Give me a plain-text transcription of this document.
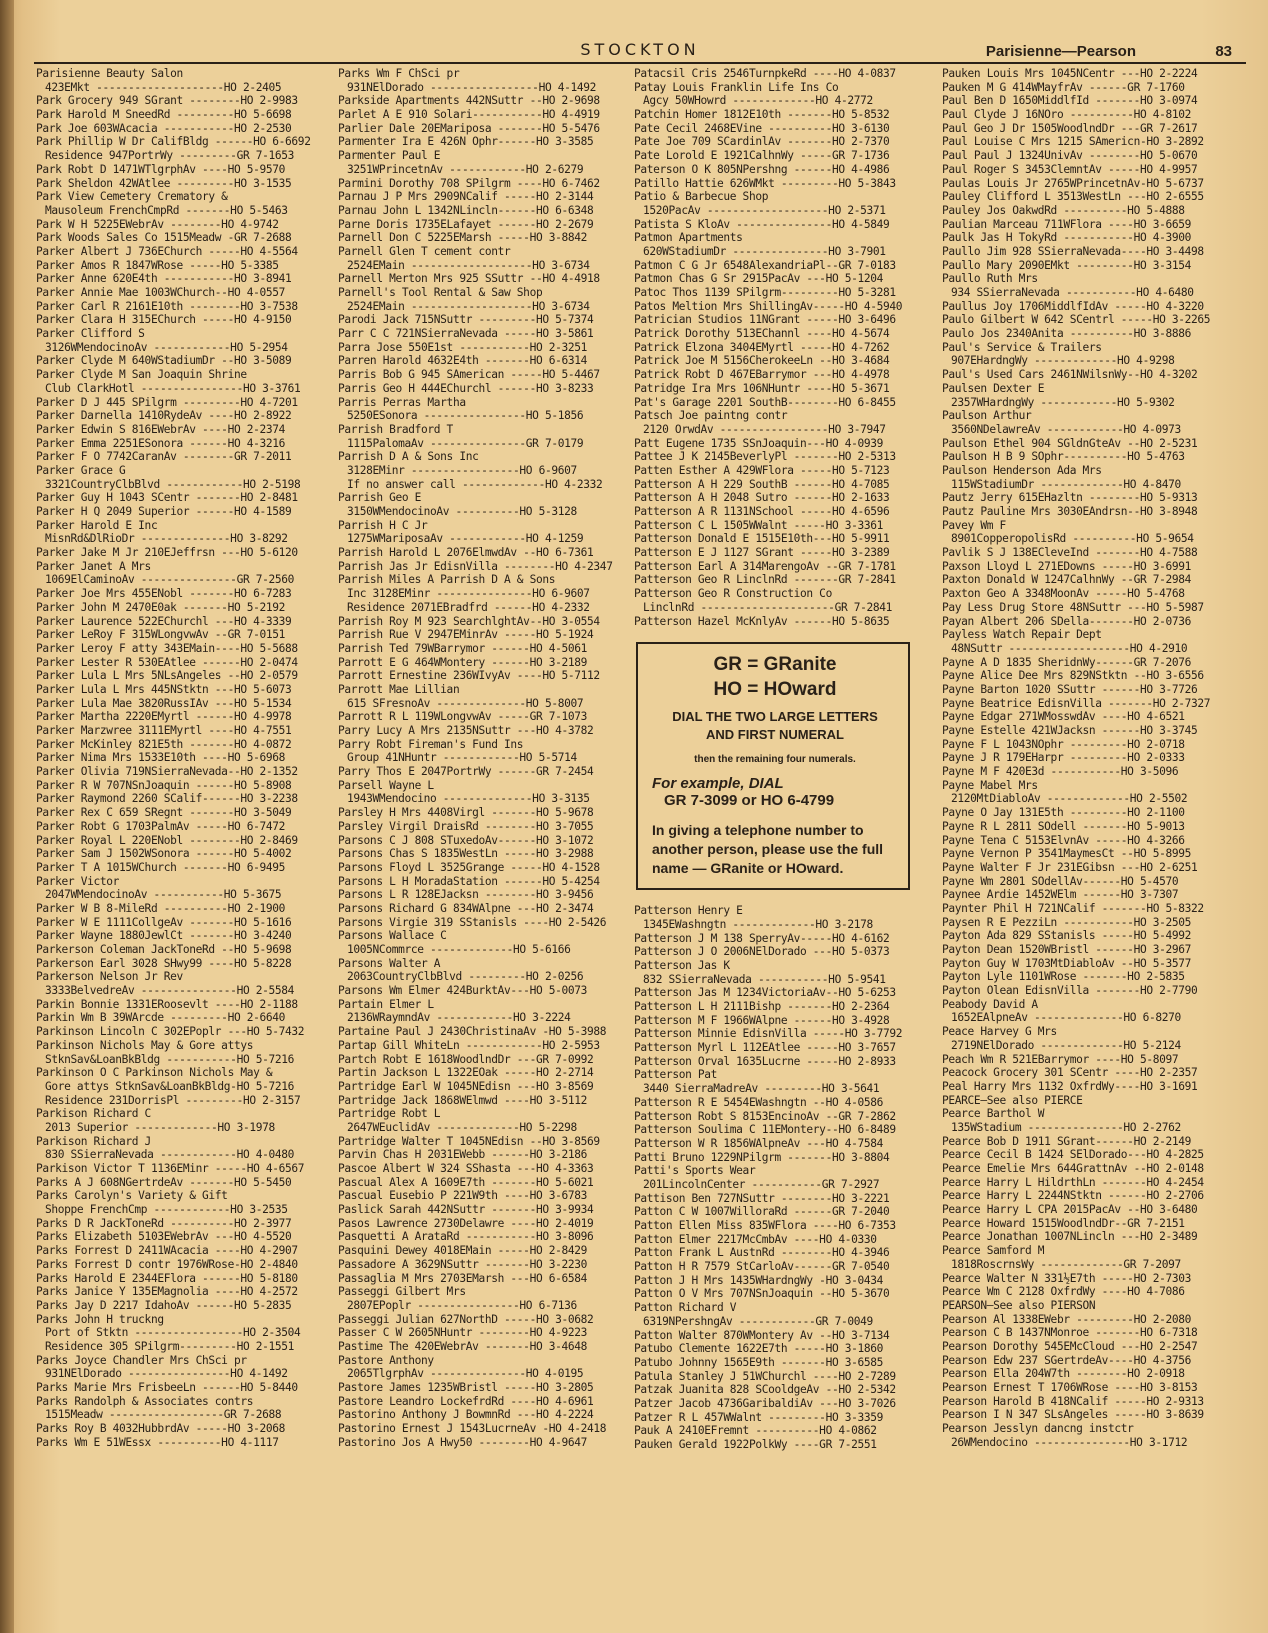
STOCKTON	Parisienne—Pearson	83
Parisienne Beauty Salon
423EMkt --------------------HO 2-2405
Park Grocery 949 SGrant --------HO 2-9983
Park Harold M SneedRd ---------HO 5-6698
Park Joe 603WAcacia -----------HO 2-2530
Park Phillip W Dr CalifBldg ------HO 6-6692
Residence 947PortrWy ---------GR 7-1653
Park Robt D 1471WTlgrphAv ----HO 5-9570
Park Sheldon 42WAtlee ---------HO 3-1535
Park View Cemetery Crematory &
Mausoleum FrenchCmpRd -------HO 5-5463
Park W H 5225EWebrAv --------HO 4-9742
Park Woods Sales Co 1515Meadw -GR 7-2688
Parker Albert J 736EChurch -----HO 4-5564
Parker Amos R 1847WRose -----HO 5-3385
Parker Anne 620E4th -----------HO 3-8941
Parker Annie Mae 1003WChurch--HO 4-0557
Parker Carl R 2161E10th --------HO 3-7538
Parker Clara H 315EChurch -----HO 4-9150
Parker Clifford S
3126WMendocinoAv ------------HO 5-2954
Parker Clyde M 640WStadiumDr --HO 3-5089
Parker Clyde M San Joaquin Shrine
Club ClarkHotl ----------------HO 3-3761
Parker D J 445 SPilgrm ---------HO 4-7201
Parker Darnella 1410RydeAv ----HO 2-8922
Parker Edwin S 816EWebrAv ----HO 2-2374
Parker Emma 2251ESonora ------HO 4-3216
Parker F O 7742CaranAv --------GR 7-2011
Parker Grace G
3321CountryClbBlvd ------------HO 2-5198
Parker Guy H 1043 SCentr -------HO 2-8481
Parker H Q 2049 Superior ------HO 4-1589
Parker Harold E Inc
MisnRd&DlRioDr --------------HO 3-8292
Parker Jake M Jr 210EJeffrsn ---HO 5-6120
Parker Janet A Mrs
1069ElCaminoAv ---------------GR 7-2560
Parker Joe Mrs 455ENobl -------HO 6-7283
Parker John M 2470E0ak -------HO 5-2192
Parker Laurence 522EChurchl ---HO 4-3339
Parker LeRoy F 315WLongvwAv --GR 7-0151
Parker Leroy F atty 343EMain----HO 5-5688
Parker Lester R 530EAtlee ------HO 2-0474
Parker Lula L Mrs 5NLsAngeles --HO 2-0579
Parker Lula L Mrs 445NStktn ---HO 5-6073
Parker Lula Mae 3820RussIAv ---HO 5-1534
Parker Martha 2220EMyrtl ------HO 4-9978
Parker Marzwree 3111EMyrtl ----HO 4-7551
Parker McKinley 821E5th -------HO 4-0872
Parker Nima Mrs 1533E10th ----HO 5-6968
Parker Olivia 719NSierraNevada--HO 2-1352
Parker R W 707NSnJoaquin ------HO 5-8908
Parker Raymond 2260 SCalif------HO 3-2238
Parker Rex C 659 SRegnt -------HO 3-5049
Parker Robt G 1703PalmAv -----HO 6-7472
Parker Royal L 220ENobl --------HO 2-8469
Parker Sam J 1502WSonora ------HO 5-4002
Parker T A 1015WChurch -------HO 6-9495
Parker Victor
2047WMendocinoAv -----------HO 5-3675
Parker W B 8-MileRd ----------HO 2-1900
Parker W E 1111CollgeAv -------HO 5-1616
Parker Wayne 1880JewlCt -------HO 3-4240
Parkerson Coleman JackToneRd --HO 5-9698
Parkerson Earl 3028 SHwy99 ----HO 5-8228
Parkerson Nelson Jr Rev
3333BelvedreAv ---------------HO 2-5584
Parkin Bonnie 1331ERoosevlt ----HO 2-1188
Parkin Wm B 39WArcde ---------HO 2-6640
Parkinson Lincoln C 302EPoplr ---HO 5-7432
Parkinson Nichols May & Gore attys
StknSav&LoanBkBldg -----------HO 5-7216
Parkinson O C Parkinson Nichols May &
Gore attys StknSav&LoanBkBldg-HO 5-7216
Residence 231DorrisPl ---------HO 2-3157
Parkison Richard C
2013 Superior -------------HO 3-1978
Parkison Richard J
830 SSierraNevada ------------HO 4-0480
Parkison Victor T 1136EMinr -----HO 4-6567
Parks A J 608NGertrdeAv -------HO 5-5450
Parks Carolyn's Variety & Gift
Shoppe FrenchCmp ------------HO 3-2535
Parks D R JackToneRd ----------HO 2-3977
Parks Elizabeth 5103EWebrAv ---HO 4-5520
Parks Forrest D 2411WAcacia ----HO 4-2907
Parks Forrest D contr 1976WRose-HO 2-4840
Parks Harold E 2344EFlora ------HO 5-8180
Parks Janice Y 135EMagnolia ----HO 4-2572
Parks Jay D 2217 IdahoAv ------HO 5-2835
Parks John H truckng
Port of Stktn -----------------HO 2-3504
Residence 305 SPilgrm---------HO 2-1551
Parks Joyce Chandler Mrs ChSci pr
931NElDorado ----------------HO 4-1492
Parks Marie Mrs FrisbeeLn ------HO 5-8440
Parks Randolph & Associates contrs
1515Meadw ------------------GR 7-2688
Parks Roy B 4032HubbrdAv -----HO 3-2068
Parks Wm E 51WEssx ----------HO 4-1117
Parks Wm F ChSci pr
931NElDorado -----------------HO 4-1492
Parkside Apartments 442NSuttr --HO 2-9698
Parlet A E 910 Solari-----------HO 4-4919
Parlier Dale 20EMariposa -------HO 5-5476
Parmenter Ira E 426N Ophr------HO 3-3585
Parmenter Paul E
3251WPrincetnAv ------------HO 2-6279
Parmini Dorothy 708 SPilgrm ----HO 6-7462
Parnau J P Mrs 2909NCalif -----HO 2-3144
Parnau John L 1342NLincln------HO 6-6348
Parne Doris 1735ELafayet ------HO 2-2679
Parnell Don C 5225EMarsh -----HO 3-8842
Parnell Glen T cement contr
2524EMain -------------------HO 3-6734
Parnell Merton Mrs 925 SSuttr --HO 4-4918
Parnell's Tool Rental & Saw Shop
2524EMain -------------------HO 3-6734
Parodi Jack 715NSuttr ---------HO 5-7374
Parr C C 721NSierraNevada -----HO 3-5861
Parra Jose 550E1st -----------HO 2-3251
Parren Harold 4632E4th -------HO 6-6314
Parris Bob G 945 SAmerican -----HO 5-4467
Parris Geo H 444EChurchl ------HO 3-8233
Parris Perras Martha
5250ESonora ----------------HO 5-1856
Parrish Bradford T
1115PalomaAv ---------------GR 7-0179
Parrish D A & Sons Inc
3128EMinr -----------------HO 6-9607
If no answer call -------------HO 4-2332
Parrish Geo E
3150WMendocinoAv ----------HO 5-3128
Parrish H C Jr
1275WMariposaAv ------------HO 4-1259
Parrish Harold L 2076ElmwdAv --HO 6-7361
Parrish Jas Jr EdisnVilla --------HO 4-2347
Parrish Miles A Parrish D A & Sons
Inc 3128EMinr ---------------HO 6-9607
Residence 2071EBradfrd ------HO 4-2332
Parrish Roy M 923 SearchlghtAv--HO 3-0554
Parrish Rue V 2947EMinrAv -----HO 5-1924
Parrish Ted 79WBarrymor ------HO 4-5061
Parrott E G 464WMontery ------HO 3-2189
Parrott Ernestine 236WIvyAv ----HO 5-7112
Parrott Mae Lillian
615 SFresnoAv --------------HO 5-8007
Parrott R L 119WLongvwAv -----GR 7-1073
Parry Lucy A Mrs 2135NSuttr ---HO 4-3782
Parry Robt Fireman's Fund Ins
Group 41NHuntr ------------HO 5-5714
Parry Thos E 2047PortrWy ------GR 7-2454
Parsell Wayne L
1943WMendocino --------------HO 3-3135
Parsley H Mrs 4408Virgl -------HO 5-9678
Parsley Virgil DraisRd --------HO 3-7055
Parsons C J 808 STuxedoAv------HO 3-1072
Parsons Chas S 1835WestLn -----HO 3-2988
Parsons Floyd L 3525Grange -----HO 4-1528
Parsons L H MoradaStation ------HO 5-4254
Parsons L R 128EJacksn --------HO 3-9456
Parsons Richard G 834WAlpne ---HO 2-3474
Parsons Virgie 319 SStanisls ----HO 2-5426
Parsons Wallace C
1005NCommrce -------------HO 5-6166
Parsons Walter A
2063CountryClbBlvd ---------HO 2-0256
Parsons Wm Elmer 424BurktAv---HO 5-0073
Partain Elmer L
2136WRaymndAv ------------HO 3-2224
Partaine Paul J 2430ChristinaAv -HO 5-3988
Partap Gill WhiteLn ------------HO 2-5953
Partch Robt E 1618WoodlndDr ---GR 7-0992
Partin Jackson L 1322EOak -----HO 2-2714
Partridge Earl W 1045NEdisn ---HO 3-8569
Partridge Jack 1868WElmwd ----HO 3-5112
Partridge Robt L
2647WEuclidAv -------------HO 5-2298
Partridge Walter T 1045NEdisn --HO 3-8569
Parvin Chas H 2031EWebb ------HO 3-2186
Pascoe Albert W 324 SShasta ---HO 4-3363
Pascual Alex A 1609E7th -------HO 5-6021
Pascual Eusebio P 221W9th ----HO 3-6783
Paslick Sarah 442NSuttr -------HO 3-9934
Pasos Lawrence 2730Delawre ----HO 2-4019
Pasquetti A ArataRd -----------HO 3-8096
Pasquini Dewey 4018EMain -----HO 2-8429
Passadore A 3629NSuttr -------HO 3-2230
Passaglia M Mrs 2703EMarsh ---HO 6-6584
Passeggi Gilbert Mrs
2807EPoplr ----------------HO 6-7136
Passeggi Julian 627NorthD -----HO 3-0682
Passer C W 2605NHuntr --------HO 4-9223
Pastime The 420EWebrAv -------HO 3-4648
Pastore Anthony
2065TlgrphAv ---------------HO 4-0195
Pastore James 1235WBristl -----HO 3-2805
Pastore Leandro LockefrdRd ----HO 4-6961
Pastorino Anthony J BowmnRd ---HO 4-2224
Pastorino Ernest J 1543LucrneAv -HO 4-2418
Pastorino Jos A Hwy50 --------HO 4-9647
Patacsil Cris 2546TurnpkeRd ----HO 4-0837
Patay Louis Franklin Life Ins Co
Agcy 50WHowrd -------------HO 4-2772
Patchin Homer 1812E10th -------HO 5-8532
Pate Cecil 2468EVine ----------HO 3-6130
Pate Joe 709 SCardinlAv -------HO 2-7370
Pate Lorold E 1921CalhnWy -----GR 7-1736
Paterson O K 805NPershng ------HO 4-4986
Patillo Hattie 626WMkt ---------HO 5-3843
Patio & Barbecue Shop
1520PacAv -------------------HO 2-5371
Patista S KloAv ---------------HO 4-5849
Patmon Apartments
620WStadiumDr ---------------HO 3-7901
Patmon C G Jr 6548AlexandriaPl--GR 7-0183
Patmon Chas G Sr 2915PacAv ---HO 5-1204
Patoc Thos 1139 SPilgrm---------HO 5-3281
Patos Meltion Mrs ShillingAv-----HO 4-5940
Patrician Studios 11NGrant -----HO 3-6496
Patrick Dorothy 513EChannl ----HO 4-5674
Patrick Elzona 3404EMyrtl -----HO 4-7262
Patrick Joe M 5156CherokeeLn --HO 3-4684
Patrick Robt D 467EBarrymor ---HO 4-4978
Patridge Ira Mrs 106NHuntr ----HO 5-3671
Pat's Garage 2201 SouthB--------HO 6-8455
Patsch Joe paintng contr
2120 OrwdAv -----------------HO 3-7947
Patt Eugene 1735 SSnJoaquin---HO 4-0939
Pattee J K 2145BeverlyPl -------HO 2-5313
Patten Esther A 429WFlora -----HO 5-7123
Patterson A H 229 SouthB ------HO 4-7085
Patterson A H 2048 Sutro ------HO 2-1633
Patterson A R 1131NSchool -----HO 4-6596
Patterson C L 1505WWalnt -----HO 3-3361
Patterson Donald E 1515E10th---HO 5-9911
Patterson E J 1127 SGrant -----HO 3-2389
Patterson Earl A 314MarengoAv --GR 7-1781
Patterson Geo R LinclnRd -------GR 7-2841
Patterson Geo R Construction Co
LinclnRd ---------------------GR 7-2841
Patterson Hazel McKnlyAv ------HO 5-8635
GR = GRanite
HO = HOward
DIAL THE TWO LARGE LETTERS
AND FIRST NUMERAL
then the remaining four numerals.
For example, DIAL
GR 7-3099 or HO 6-4799
In giving a telephone number to another person, please use the full name — GRanite or HOward.
Patterson Henry E
1345EWashngtn -------------HO 3-2178
Patterson J M 138 SperryAv-----HO 4-6162
Patterson J O 2006NElDorado ---HO 5-0373
Patterson Jas K
832 SSierraNevada -----------HO 5-9541
Patterson Jas M 1234VictoriaAv--HO 5-6253
Patterson L H 2111Bishp -------HO 2-2364
Patterson M F 1966WAlpne ------HO 3-4928
Patterson Minnie EdisnVilla -----HO 3-7792
Patterson Myrl L 112EAtlee -----HO 3-7657
Patterson Orval 1635Lucrne -----HO 2-8933
Patterson Pat
3440 SierraMadreAv ---------HO 3-5641
Patterson R E 5454EWashngtn --HO 4-0586
Patterson Robt S 8153EncinoAv --GR 7-2862
Patterson Soulima C 11EMontery--HO 6-8489
Patterson W R 1856WAlpneAv ---HO 4-7584
Patti Bruno 1229NPilgrm -------HO 3-8804
Patti's Sports Wear
201LincolnCenter -----------GR 7-2927
Pattison Ben 727NSuttr --------HO 3-2221
Patton C W 1007WilloraRd ------GR 7-2040
Patton Ellen Miss 835WFlora ----HO 6-7353
Patton Elmer 2217McCmbAv ----HO 4-0330
Patton Frank L AustnRd --------HO 4-3946
Patton H R 7579 StCarloAv------GR 7-0540
Patton J H Mrs 1435WHardngWy -HO 3-0434
Patton O V Mrs 707NSnJoaquin --HO 5-3670
Patton Richard V
6319NPershngAv ------------GR 7-0049
Patton Walter 870WMontery Av --HO 3-7134
Patubo Clemente 1622E7th -----HO 3-1860
Patubo Johnny 1565E9th -------HO 3-6585
Patula Stanley J 51WChurchl ----HO 2-7289
Patzak Juanita 828 SCooldgeAv --HO 2-5342
Patzer Jacob 4736GaribaldiAv ---HO 3-7026
Patzer R L 457WWalnt ---------HO 3-3359
Pauk A 2410EFremnt ----------HO 4-0862
Pauken Gerald 1922PolkWy ----GR 7-2551
Pauken Louis Mrs 1045NCentr ---HO 2-2224
Pauken M G 414WMayfrAv ------GR 7-1760
Paul Ben D 1650MiddlfId -------HO 3-0974
Paul Clyde J 16NOro ----------HO 4-8102
Paul Geo J Dr 1505WoodlndDr ---GR 7-2617
Paul Louise C Mrs 1215 SAmericn-HO 3-2892
Paul Paul J 1324UnivAv --------HO 5-0670
Paul Roger S 3453ClemntAv -----HO 4-9957
Paulas Louis Jr 2765WPrincetnAv-HO 5-6737
Pauley Clifford L 3513WestLn ---HO 2-6555
Pauley Jos OakwdRd ----------HO 5-4888
Paulian Marceau 711WFlora ----HO 3-6659
Paulk Jas H TokyRd -----------HO 4-3900
Paullo Jim 928 SSierraNevada----HO 3-4498
Paullo Mary 2090EMkt ---------HO 3-3154
Paullo Ruth Mrs
934 SSierraNevada -----------HO 4-6480
Paullus Joy 1706MiddlfIdAv -----HO 4-3220
Paulo Gilbert W 642 SCentrl -----HO 3-2265
Paulo Jos 2340Anita ----------HO 3-8886
Paul's Service & Trailers
907EHardngWy -------------HO 4-9298
Paul's Used Cars 2461NWilsnWy--HO 4-3202
Paulsen Dexter E
2357WHardngWy ------------HO 5-9302
Paulson Arthur
3560NDelawreAv ------------HO 4-0973
Paulson Ethel 904 SGldnGteAv --HO 2-5231
Paulson H B 9 SOphr----------HO 5-4763
Paulson Henderson Ada Mrs
115WStadiumDr -------------HO 4-8470
Pautz Jerry 615EHazltn --------HO 5-9313
Pautz Pauline Mrs 3030EAndrsn--HO 3-8948
Pavey Wm F
8901CopperopolisRd ----------HO 5-9654
Pavlik S J 138ECleveInd -------HO 4-7588
Paxson Lloyd L 271EDowns -----HO 3-6991
Paxton Donald W 1247CalhnWy --GR 7-2984
Paxton Geo A 3348MoonAv -----HO 5-4768
Pay Less Drug Store 48NSuttr ---HO 5-5987
Payan Albert 206 SDella-------HO 2-0736
Payless Watch Repair Dept
48NSuttr -------------------HO 4-2910
Payne A D 1835 SheridnWy------GR 7-2076
Payne Alice Dee Mrs 829NStktn --HO 3-6556
Payne Barton 1020 SSuttr ------HO 3-7726
Payne Beatrice EdisnVilla -------HO 2-7327
Payne Edgar 271WMosswdAv ----HO 4-6521
Payne Estelle 421WJacksn ------HO 3-3745
Payne F L 1043NOphr ---------HO 2-0718
Payne J R 179EHarpr ---------HO 2-0333
Payne M F 420E3d -----------HO 3-5096
Payne Mabel Mrs
2120MtDiabloAv -------------HO 2-5502
Payne O Jay 131E5th ---------HO 2-1100
Payne R L 2811 SOdell -------HO 5-9013
Payne Tena C 5153ElvnAv -----HO 4-3266
Payne Vernon P 3541MaymesCt --HO 5-8995
Payne Walter F Jr 231EGibsn ---HO 2-6251
Payne Wm 2801 SOdellAv------HO 5-4570
Paynee Ardie 1452WElm ------HO 3-7307
Paynter Phil H 721NCalif -------HO 5-8322
Paysen R E PezziLn -----------HO 3-2505
Payton Ada 829 SStanisls -----HO 5-4992
Payton Dean 1520WBristl ------HO 3-2967
Payton Guy W 1703MtDiabloAv --HO 5-3577
Payton Lyle 1101WRose -------HO 2-5835
Payton Olean EdisnVilla -------HO 2-7790
Peabody David A
1652EAlpneAv --------------HO 6-8270
Peace Harvey G Mrs
2719NElDorado -------------HO 5-2124
Peach Wm R 521EBarrymor ----HO 5-8097
Peacock Grocery 301 SCentr ----HO 2-2357
Peal Harry Mrs 1132 OxfrdWy----HO 3-1691
PEARCE—See also PIERCE
Pearce Barthol W
135WStadium ---------------HO 2-2762
Pearce Bob D 1911 SGrant------HO 2-2149
Pearce Cecil B 1424 SElDorado---HO 4-2825
Pearce Emelie Mrs 644GrattnAv --HO 2-0148
Pearce Harry L HildrthLn -------HO 4-2454
Pearce Harry L 2244NStktn ------HO 2-2706
Pearce Harry L CPA 2015PacAv --HO 3-6480
Pearce Howard 1515WoodlndDr--GR 7-2151
Pearce Jonathan 1007NLincln ---HO 2-3489
Pearce Samford M
1818RoscrnsWy -------------GR 7-2097
Pearce Walter N 331½E7th -----HO 2-7303
Pearce Wm C 2128 OxfrdWy ----HO 4-7086
PEARSON—See also PIERSON
Pearson Al 1338EWebr ---------HO 2-2080
Pearson C B 1437NMonroe -------HO 6-7318
Pearson Dorothy 545EMcCloud ---HO 2-2547
Pearson Edw 237 SGertrdeAv----HO 4-3756
Pearson Ella 204W7th --------HO 2-0918
Pearson Ernest T 1706WRose ----HO 3-8153
Pearson Harold B 418NCalif -----HO 2-9313
Pearson I N 347 SLsAngeles -----HO 3-8639
Pearson Jesslyn dancng instctr
26WMendocino ---------------HO 3-1712
